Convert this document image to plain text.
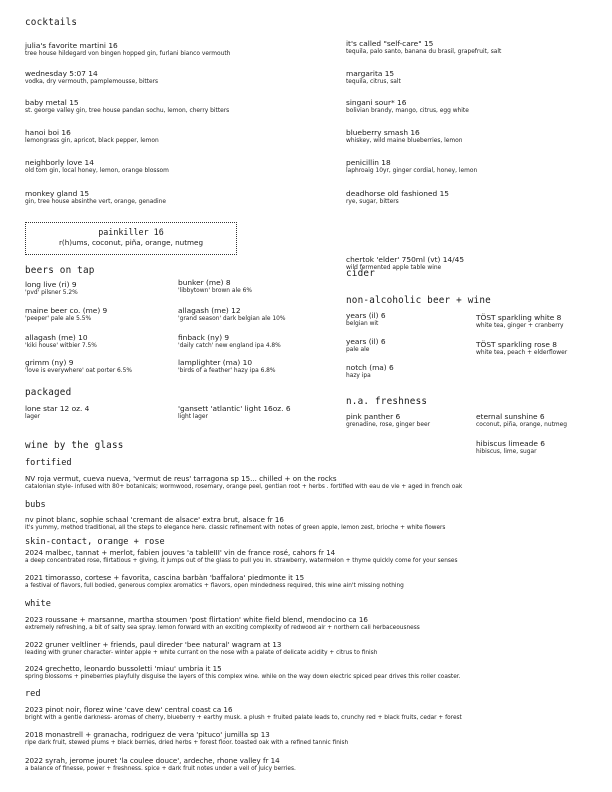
cocktails
julia's favorite martini 16
tree house hildegard von bingen hopped gin, furlani bianco vermouth
wednesday 5:07 14
vodka, dry vermouth, pamplemousse, bitters
baby metal 15
st. george valley gin, tree house pandan sochu, lemon, cherry bitters
hanoi boi 16
lemongrass gin, apricot, black pepper, lemon
neighborly love 14
old tom gin, local honey, lemon, orange blossom
monkey gland 15
gin, tree house absinthe vert, orange, genadine
it's called "self-care" 15
tequila, palo santo, banana du brasil, grapefruit, salt
margarita 15
tequila, citrus, salt
singani sour* 16
bolivian brandy, mango, citrus, egg white
blueberry smash 16
whiskey, wild maine blueberries, lemon
penicillin 18
laphroaig 10yr, ginger cordial, honey, lemon
deadhorse old fashioned 15
rye, sugar, bitters
painkiller 16
r(h)ums, coconut, piña, orange, nutmeg
beers on tap
long live (ri) 9
'pvd' pilsner 5.2%
bunker (me) 8
'libbytown' brown ale 6%
maine beer co. (me) 9
'peeper' pale ale 5.5%
allagash (me) 12
'grand season' dark belgian ale 10%
allagash (me) 10
'kiki house' witbier 7.5%
finback (ny) 9
'daily catch' new england ipa 4.8%
grimm (ny) 9
'love is everywhere' oat porter 6.5%
lamplighter (ma) 10
'birds of a feather' hazy ipa 6.8%
packaged
lone star 12 oz. 4
lager
'gansett 'atlantic' light 16oz. 6
light lager
cider
chertok 'elder' 750ml (vt) 14/45
wild fermented apple table wine
non-alcoholic beer + wine
years (il) 6
belgian wit
TÖST sparkling white 8
white tea, ginger + cranberry
years (il) 6
pale ale
TÖST sparkling rose 8
white tea, peach + elderflower
notch (ma) 6
hazy ipa
n.a. freshness
pink panther 6
grenadine, rose, ginger beer
eternal sunshine 6
coconut, piña, orange, nutmeg
hibiscus limeade 6
hibiscus, lime, sugar
wine by the glass
fortified
NV roja vermut, cueva nueva, 'vermut de reus' tarragona sp 15... chilled + on the rocks
catalonian style- infused with 80+ botanicals; wormwood, rosemary, orange peel, gentian root + herbs . fortified with eau de vie + aged in french oak
bubs
nv pinot blanc, sophie schaal 'cremant de alsace' extra brut, alsace fr 16
it's yummy, method traditional, all the steps to elegance here. classic refinement with notes of green apple, lemon zest, brioche + white flowers
skin-contact, orange + rose
2024 malbec, tannat + merlot, fabien jouves 'a tableIII' vin de france rosé, cahors fr 14
a deep concentrated rose, flirtatious + giving, it jumps out of the glass to pull you in. strawberry, watermelon + thyme quickly come for your senses
2021 timorasso, cortese + favorita, cascina barbàn 'baffalora' piedmonte it 15
a festival of flavors, full bodied, generous complex aromatics + flavors, open mindedness required, this wine ain't missing nothing
white
2023 roussane + marsanne, martha stoumen 'post flirtation' white field blend, mendocino ca 16
extremely refreshing, a bit of salty sea spray. lemon forward with an exciting complexity of redwood air + northern cali herbaceousness
2022 gruner veltliner + friends, paul direder 'bee natural' wagram at 13
leading with gruner character- winter apple + white currant on the nose with a palate of delicate acidity + citrus to finish
2024 grechetto, leonardo bussoletti 'miau' umbria it 15
spring blossoms + pineberries playfully disguise the layers of this complex wine. while on the way down electric spiced pear drives this roller coaster.
red
2023 pinot noir, florez wine 'cave dew' central coast ca 16
bright with a gentle darkness- aromas of cherry, blueberry + earthy musk. a plush + fruited palate leads to, crunchy red + black fruits, cedar + forest
2018 monastrell + granacha, rodriguez de vera 'pituco' jumilla sp 13
ripe dark fruit, stewed plums + black berries, dried herbs + forest floor. toasted oak with a refined tannic finish
2022 syrah, jerome jouret 'la coulee douce', ardeche, rhone valley fr 14
a balance of finesse, power + freshness. spice + dark fruit notes under a veil of juicy berries.
